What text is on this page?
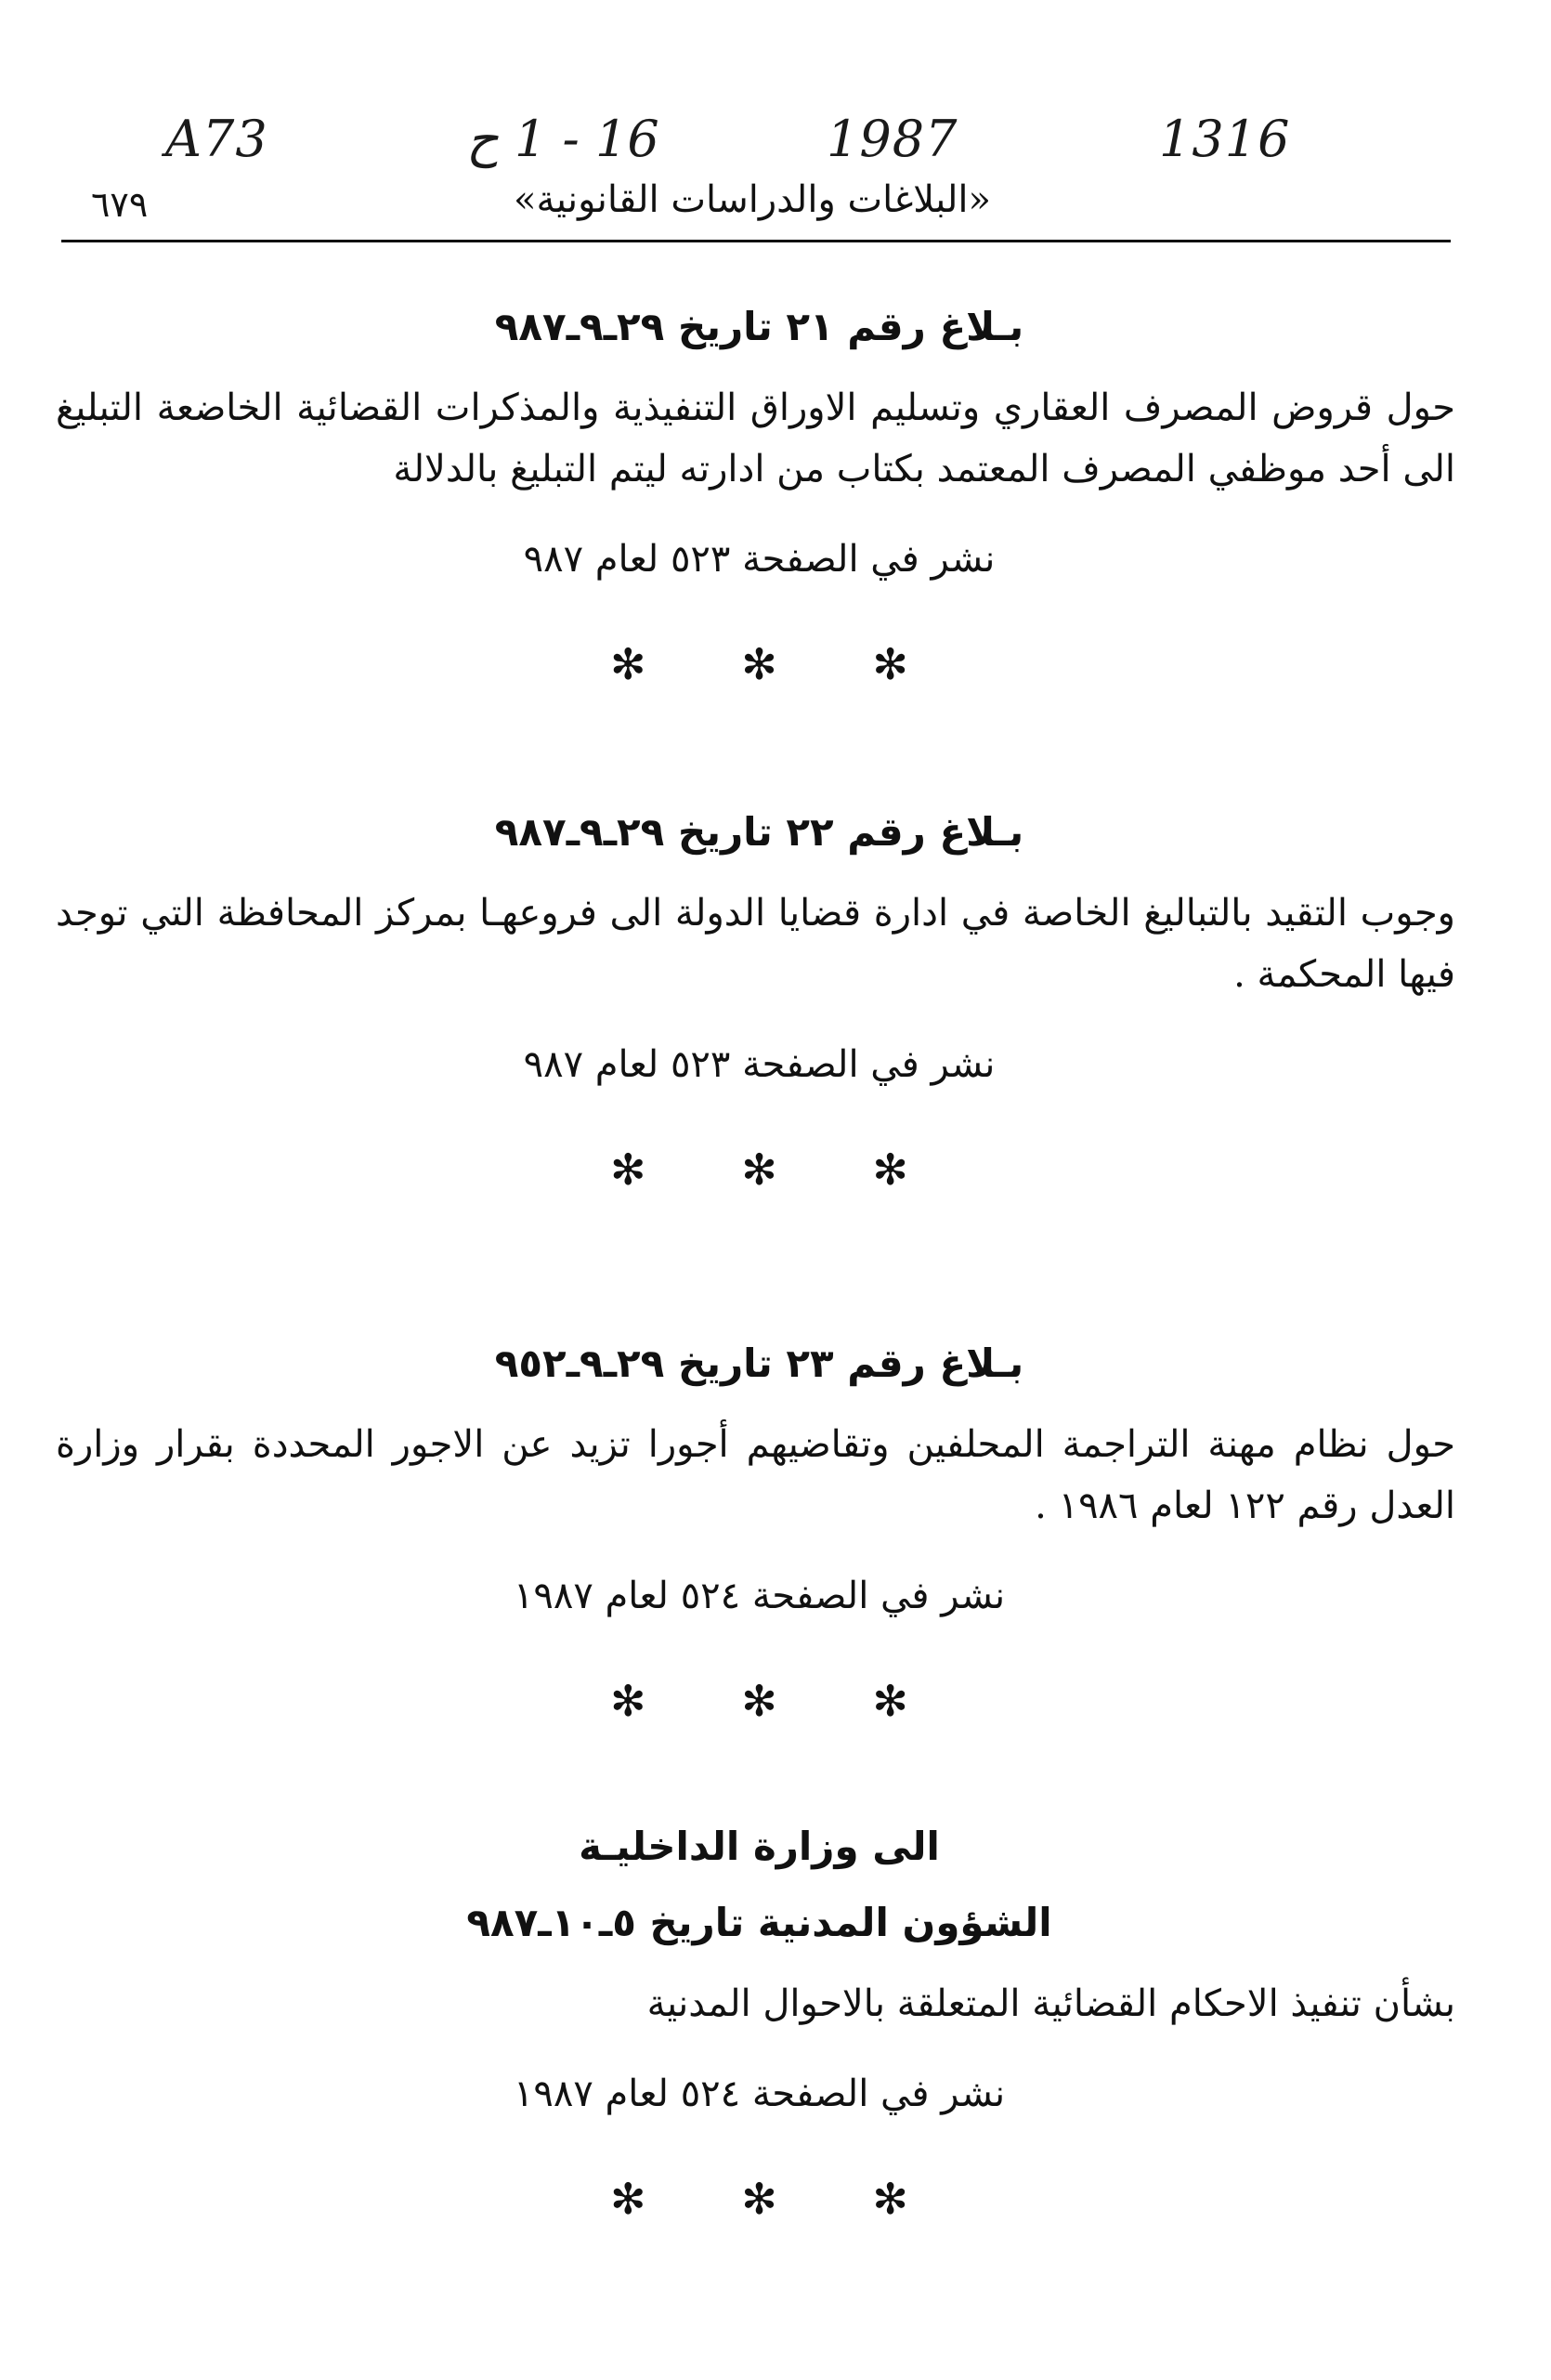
A73	16 - 1 ح	1987	1316
٦٧٩	«البلاغات والدراسات القانونية»

بـلاغ رقم ٢١ تاريخ ٢٩ـ٩ـ٩٨٧

حول قروض المصرف العقاري وتسليم الاوراق التنفيذية والمذكرات القضائية الخاضعة التبليغ الى أحد موظفي المصرف المعتمد بكتاب من ادارته ليتم التبليغ بالدلالة

نشر في الصفحة ٥٢٣ لعام ٩٨٧

✻ ✻ ✻

بـلاغ رقم ٢٢ تاريخ ٢٩ـ٩ـ٩٨٧

وجوب التقيد بالتباليغ الخاصة في ادارة قضايا الدولة الى فروعهـا بمركز المحافظة التي توجد فيها المحكمة .

نشر في الصفحة ٥٢٣ لعام ٩٨٧

✻ ✻ ✻

بـلاغ رقم ٢٣ تاريخ ٢٩ـ٩ـ٩٥٢

حول نظام مهنة التراجمة المحلفين وتقاضيهم أجورا تزيد عن الاجور المحددة بقرار وزارة العدل رقم ١٢٢ لعام ١٩٨٦ .

نشر في الصفحة ٥٢٤ لعام ١٩٨٧

✻ ✻ ✻

الى وزارة الداخليـة

الشؤون المدنية تاريخ ٥ـ١٠ـ٩٨٧

بشأن تنفيذ الاحكام القضائية المتعلقة بالاحوال المدنية

نشر في الصفحة ٥٢٤ لعام ١٩٨٧

✻ ✻ ✻
